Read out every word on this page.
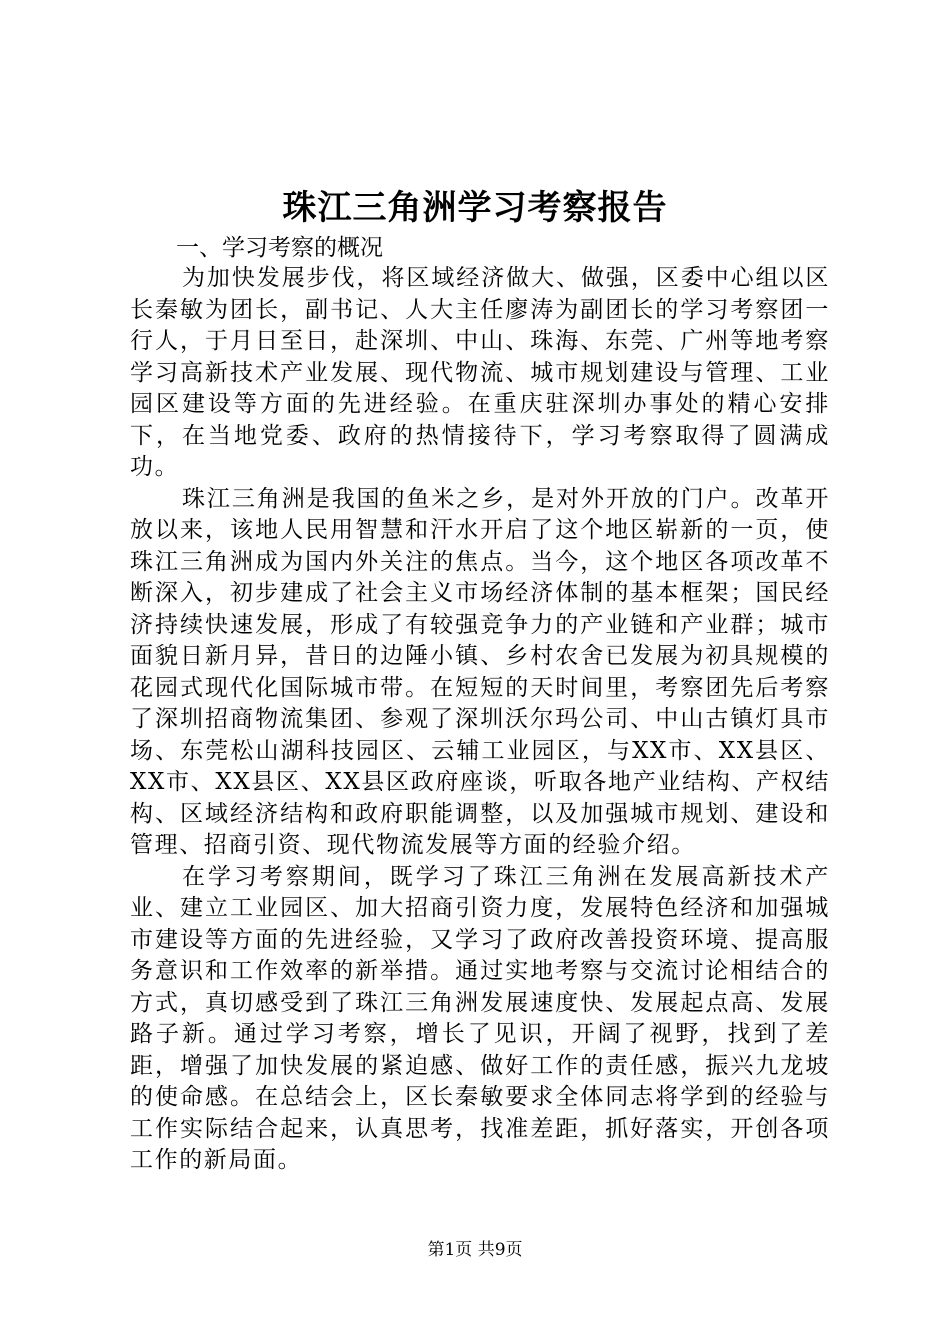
珠江三角洲学习考察报告

一、学习考察的概况

为加快发展步伐，将区域经济做大、做强，区委中心组以区长秦敏为团长，副书记、人大主任廖涛为副团长的学习考察团一行人，于月日至日，赴深圳、中山、珠海、东莞、广州等地考察学习高新技术产业发展、现代物流、城市规划建设与管理、工业园区建设等方面的先进经验。在重庆驻深圳办事处的精心安排下，在当地党委、政府的热情接待下，学习考察取得了圆满成功。

珠江三角洲是我国的鱼米之乡，是对外开放的门户。改革开放以来，该地人民用智慧和汗水开启了这个地区崭新的一页，使珠江三角洲成为国内外关注的焦点。当今，这个地区各项改革不断深入，初步建成了社会主义市场经济体制的基本框架；国民经济持续快速发展，形成了有较强竞争力的产业链和产业群；城市面貌日新月异，昔日的边陲小镇、乡村农舍已发展为初具规模的花园式现代化国际城市带。在短短的天时间里，考察团先后考察了深圳招商物流集团、参观了深圳沃尔玛公司、中山古镇灯具市场、东莞松山湖科技园区、云辅工业园区，与XX市、XX县区、XX市、XX县区、XX县区政府座谈，听取各地产业结构、产权结构、区域经济结构和政府职能调整，以及加强城市规划、建设和管理、招商引资、现代物流发展等方面的经验介绍。

在学习考察期间，既学习了珠江三角洲在发展高新技术产业、建立工业园区、加大招商引资力度，发展特色经济和加强城市建设等方面的先进经验，又学习了政府改善投资环境、提高服务意识和工作效率的新举措。通过实地考察与交流讨论相结合的方式，真切感受到了珠江三角洲发展速度快、发展起点高、发展路子新。通过学习考察，增长了见识，开阔了视野，找到了差距，增强了加快发展的紧迫感、做好工作的责任感，振兴九龙坡的使命感。在总结会上，区长秦敏要求全体同志将学到的经验与工作实际结合起来，认真思考，找准差距，抓好落实，开创各项工作的新局面。

第1页 共9页
